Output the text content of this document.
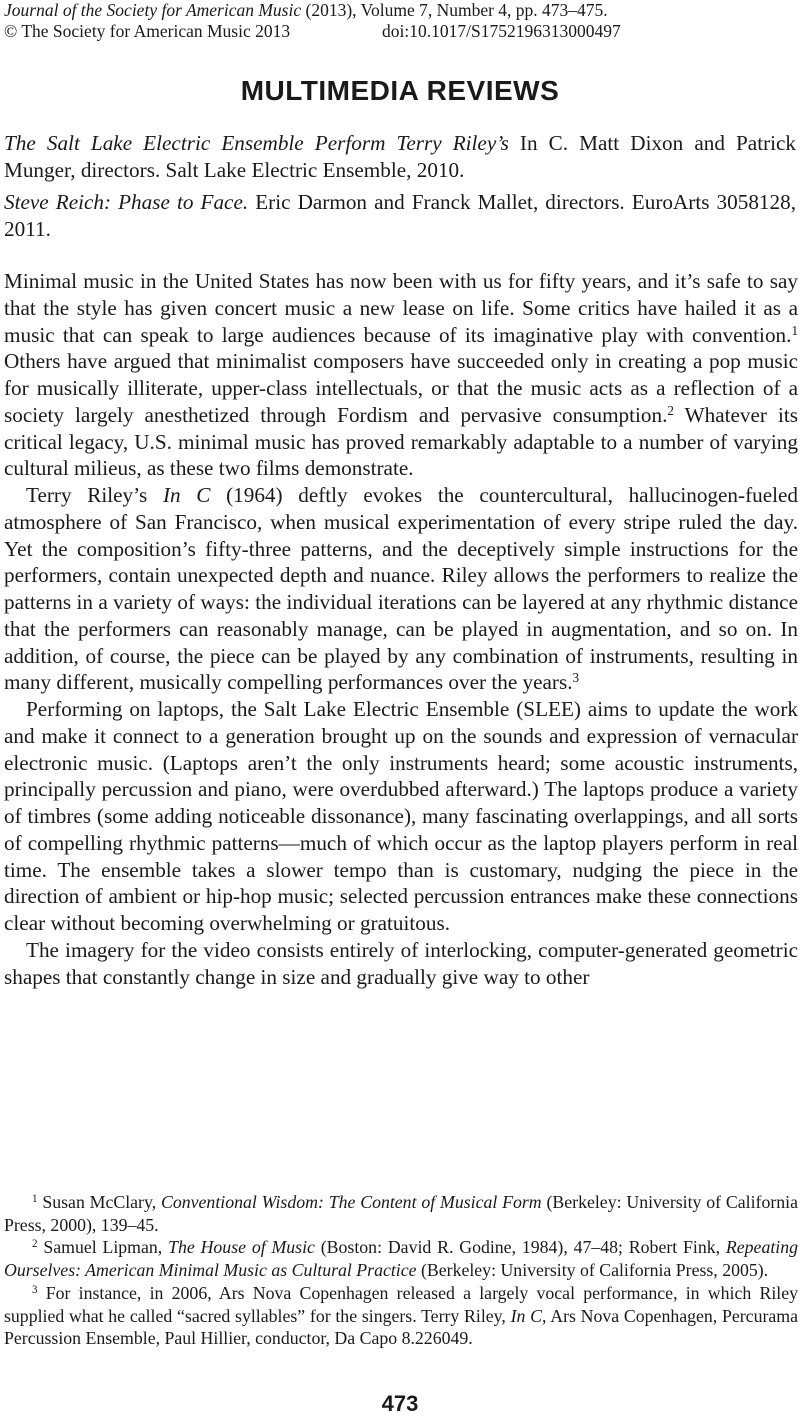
Journal of the Society for American Music (2013), Volume 7, Number 4, pp. 473–475.
© The Society for American Music 2013	doi:10.1017/S1752196313000497
MULTIMEDIA REVIEWS
The Salt Lake Electric Ensemble Perform Terry Riley’s In C. Matt Dixon and Patrick Munger, directors. Salt Lake Electric Ensemble, 2010.
Steve Reich: Phase to Face. Eric Darmon and Franck Mallet, directors. EuroArts 3058128, 2011.

Minimal music in the United States has now been with us for fifty years, and it’s safe to say that the style has given concert music a new lease on life. Some critics have hailed it as a music that can speak to large audiences because of its imaginative play with convention.$^1$ Others have argued that minimalist composers have succeeded only in creating a pop music for musically illiterate, upper-class intellectuals, or that the music acts as a reflection of a society largely anesthetized through Fordism and pervasive consumption.$^2$ Whatever its critical legacy, U.S. minimal music has proved remarkably adaptable to a number of varying cultural milieus, as these two films demonstrate.

Terry Riley’s In C (1964) deftly evokes the countercultural, hallucinogen-fueled atmosphere of San Francisco, when musical experimentation of every stripe ruled the day. Yet the composition’s fifty-three patterns, and the deceptively simple instructions for the performers, contain unexpected depth and nuance. Riley allows the performers to realize the patterns in a variety of ways: the individual iterations can be layered at any rhythmic distance that the performers can reasonably manage, can be played in augmentation, and so on. In addition, of course, the piece can be played by any combination of instruments, resulting in many different, musically compelling performances over the years.$^3$

Performing on laptops, the Salt Lake Electric Ensemble (SLEE) aims to update the work and make it connect to a generation brought up on the sounds and expression of vernacular electronic music. (Laptops aren’t the only instruments heard; some acoustic instruments, principally percussion and piano, were overdubbed afterward.) The laptops produce a variety of timbres (some adding noticeable dissonance), many fascinating overlappings, and all sorts of compelling rhythmic patterns—much of which occur as the laptop players perform in real time. The ensemble takes a slower tempo than is customary, nudging the piece in the direction of ambient or hip-hop music; selected percussion entrances make these connections clear without becoming overwhelming or gratuitous.

The imagery for the video consists entirely of interlocking, computer-generated geometric shapes that constantly change in size and gradually give way to other

$^1$ Susan McClary, Conventional Wisdom: The Content of Musical Form (Berkeley: University of California Press, 2000), 139–45.

$^2$ Samuel Lipman, The House of Music (Boston: David R. Godine, 1984), 47–48; Robert Fink, Repeating Ourselves: American Minimal Music as Cultural Practice (Berkeley: University of California Press, 2005).

$^3$ For instance, in 2006, Ars Nova Copenhagen released a largely vocal performance, in which Riley supplied what he called “sacred syllables” for the singers. Terry Riley, In C, Ars Nova Copenhagen, Percurama Percussion Ensemble, Paul Hillier, conductor, Da Capo 8.226049.

473
